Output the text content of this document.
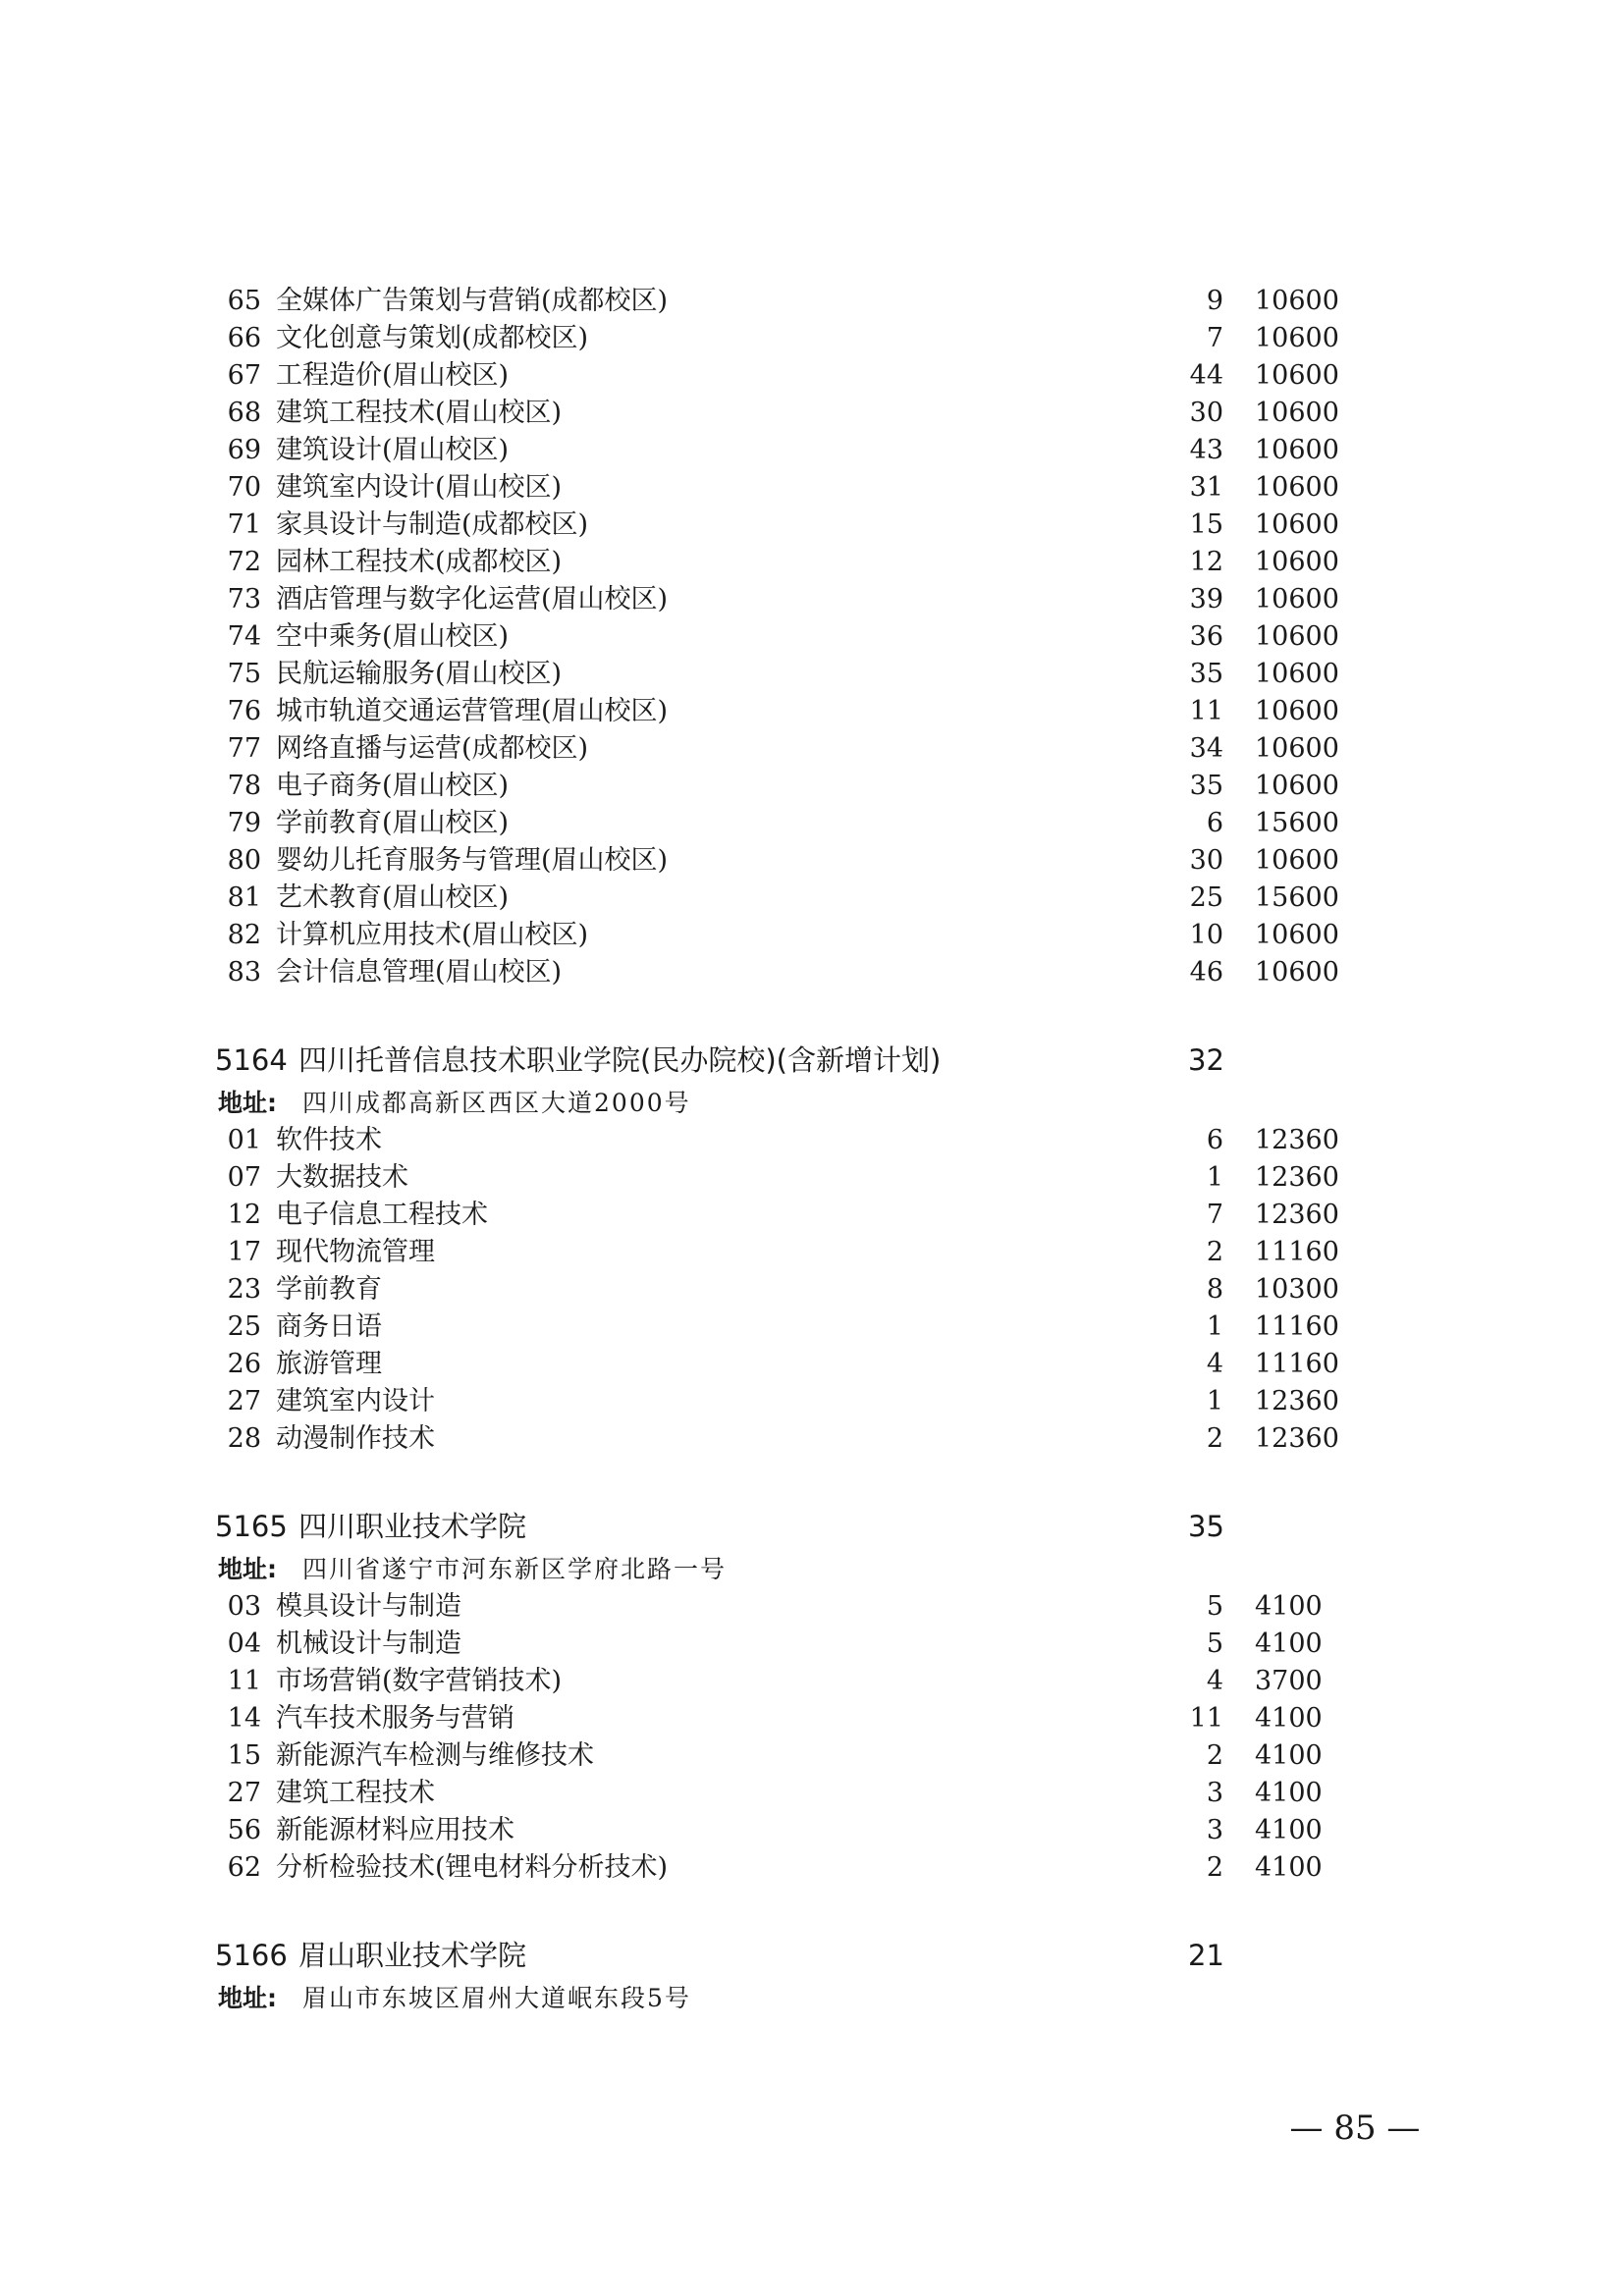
65 全媒体广告策划与营销(成都校区)	9 10600
66 文化创意与策划(成都校区)	7 10600
67 工程造价(眉山校区)	44 10600
68 建筑工程技术(眉山校区)	30 10600
69 建筑设计(眉山校区)	43 10600
70 建筑室内设计(眉山校区)	31 10600
71 家具设计与制造(成都校区)	15 10600
72 园林工程技术(成都校区)	12 10600
73 酒店管理与数字化运营(眉山校区)	39 10600
74 空中乘务(眉山校区)	36 10600
75 民航运输服务(眉山校区)	35 10600
76 城市轨道交通运营管理(眉山校区)	11 10600
77 网络直播与运营(成都校区)	34 10600
78 电子商务(眉山校区)	35 10600
79 学前教育(眉山校区)	6 15600
80 婴幼儿托育服务与管理(眉山校区)	30 10600
81 艺术教育(眉山校区)	25 15600
82 计算机应用技术(眉山校区)	10 10600
83 会计信息管理(眉山校区)	46 10600
5164 四川托普信息技术职业学院(民办院校)(含新增计划)	32
地址: 四川成都高新区西区大道2000号
01 软件技术	6 12360
07 大数据技术	1 12360
12 电子信息工程技术	7 12360
17 现代物流管理	2 11160
23 学前教育	8 10300
25 商务日语	1 11160
26 旅游管理	4 11160
27 建筑室内设计	1 12360
28 动漫制作技术	2 12360
5165 四川职业技术学院	35
地址: 四川省遂宁市河东新区学府北路一号
03 模具设计与制造	5 4100
04 机械设计与制造	5 4100
11 市场营销(数字营销技术)	4 3700
14 汽车技术服务与营销	11 4100
15 新能源汽车检测与维修技术	2 4100
27 建筑工程技术	3 4100
56 新能源材料应用技术	3 4100
62 分析检验技术(锂电材料分析技术)	2 4100
5166 眉山职业技术学院	21
地址: 眉山市东坡区眉州大道岷东段5号
— 85 —
